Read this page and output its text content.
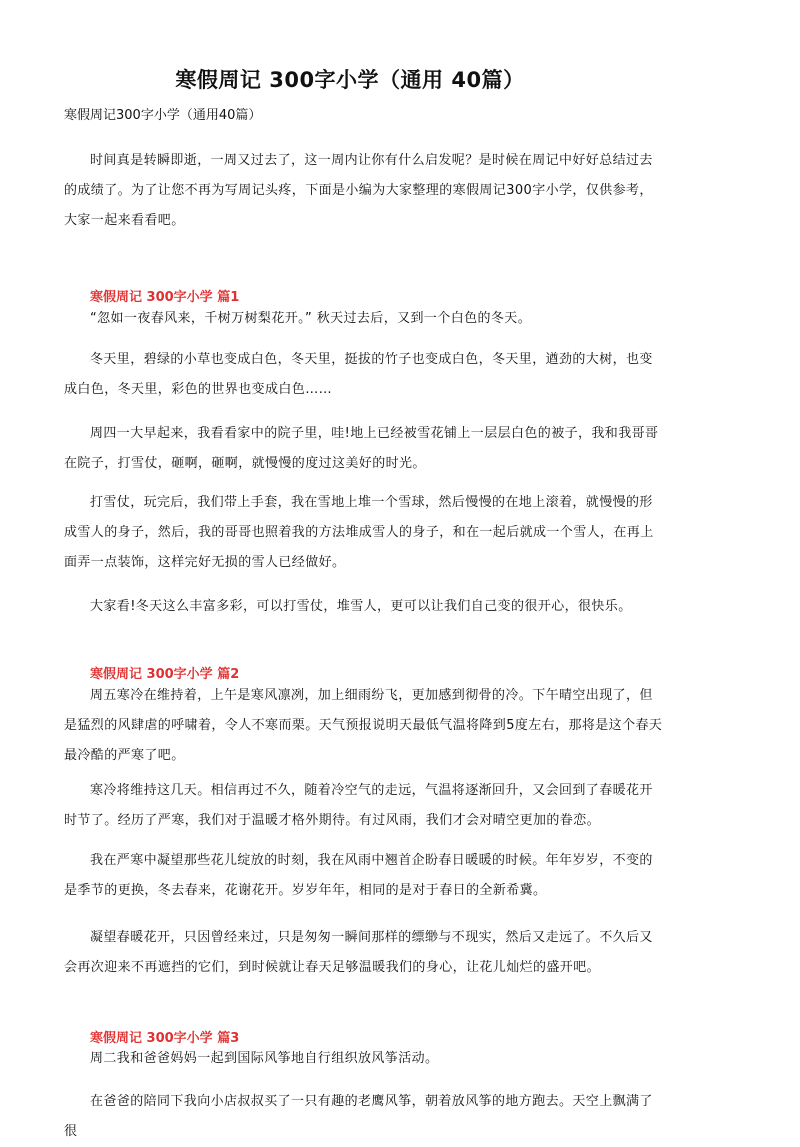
寒假周记 300字小学（通用 40篇）
寒假周记300字小学（通用40篇）
时间真是转瞬即逝，一周又过去了，这一周内让你有什么启发呢？是时候在周记中好好总结过去的成绩了。为了让您不再为写周记头疼，下面是小编为大家整理的寒假周记300字小学，仅供参考，大家一起来看看吧。
寒假周记 300字小学 篇1
“忽如一夜春风来，千树万树梨花开。” 秋天过去后，又到一个白色的冬天。
冬天里，碧绿的小草也变成白色，冬天里，挺拔的竹子也变成白色，冬天里，遒劲的大树，也变成白色，冬天里，彩色的世界也变成白色……
周四一大早起来，我看看家中的院子里，哇!地上已经被雪花铺上一层层白色的被子，我和我哥哥在院子，打雪仗，砸啊，砸啊，就慢慢的度过这美好的时光。
打雪仗，玩完后，我们带上手套，我在雪地上堆一个雪球，然后慢慢的在地上滚着，就慢慢的形成雪人的身子，然后，我的哥哥也照着我的方法堆成雪人的身子，和在一起后就成一个雪人，在再上面弄一点装饰，这样完好无损的雪人已经做好。
大家看!冬天这么丰富多彩，可以打雪仗，堆雪人，更可以让我们自己变的很开心，很快乐。
寒假周记 300字小学 篇2
周五寒冷在维持着，上午是寒风凛冽，加上细雨纷飞，更加感到彻骨的冷。下午晴空出现了，但是猛烈的风肆虐的呼啸着，令人不寒而栗。天气预报说明天最低气温将降到5度左右，那将是这个春天最冷酷的严寒了吧。
寒冷将维持这几天。相信再过不久，随着冷空气的走远，气温将逐渐回升，又会回到了春暖花开时节了。经历了严寒，我们对于温暖才格外期待。有过风雨，我们才会对晴空更加的眷恋。
我在严寒中凝望那些花儿绽放的时刻，我在风雨中翘首企盼春日暖暖的时候。年年岁岁，不变的是季节的更换，冬去春来，花谢花开。岁岁年年，相同的是对于春日的全新希冀。
凝望春暖花开，只因曾经来过，只是匆匆一瞬间那样的缥缈与不现实，然后又走远了。不久后又会再次迎来不再遮挡的它们，到时候就让春天足够温暖我们的身心，让花儿灿烂的盛开吧。
寒假周记 300字小学 篇3
周二我和爸爸妈妈一起到国际风筝地自行组织放风筝活动。
在爸爸的陪同下我向小店叔叔买了一只有趣的老鹰风筝，朝着放风筝的地方跑去。天空上飘满了很
